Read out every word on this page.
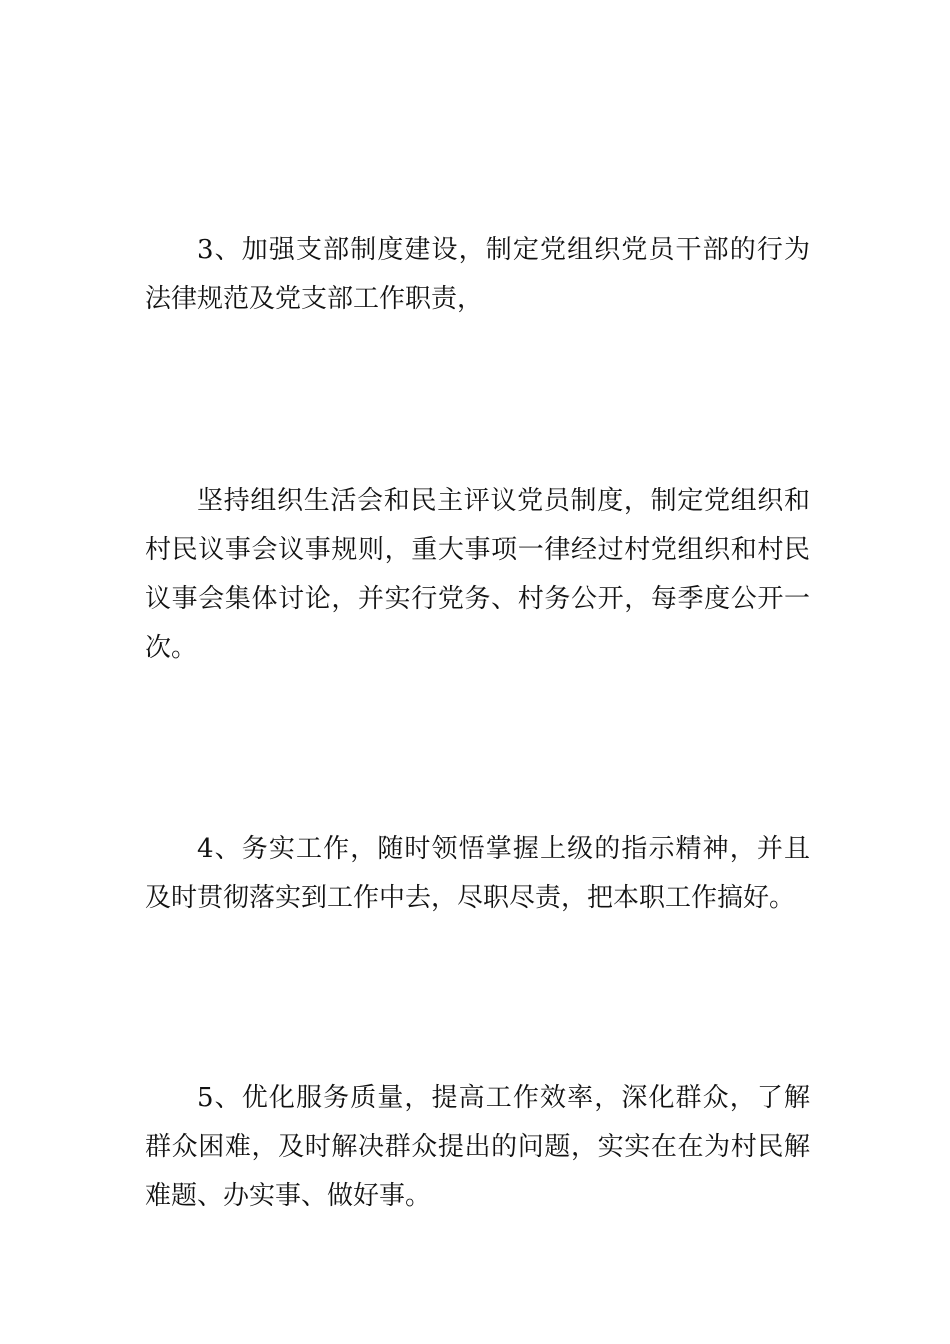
3、加强支部制度建设，制定党组织党员干部的行为法律规范及党支部工作职责，

坚持组织生活会和民主评议党员制度，制定党组织和村民议事会议事规则，重大事项一律经过村党组织和村民议事会集体讨论，并实行党务、村务公开，每季度公开一次。

4、务实工作，随时领悟掌握上级的指示精神，并且及时贯彻落实到工作中去，尽职尽责，把本职工作搞好。

5、优化服务质量，提高工作效率，深化群众，了解群众困难，及时解决群众提出的问题，实实在在为村民解难题、办实事、做好事。
